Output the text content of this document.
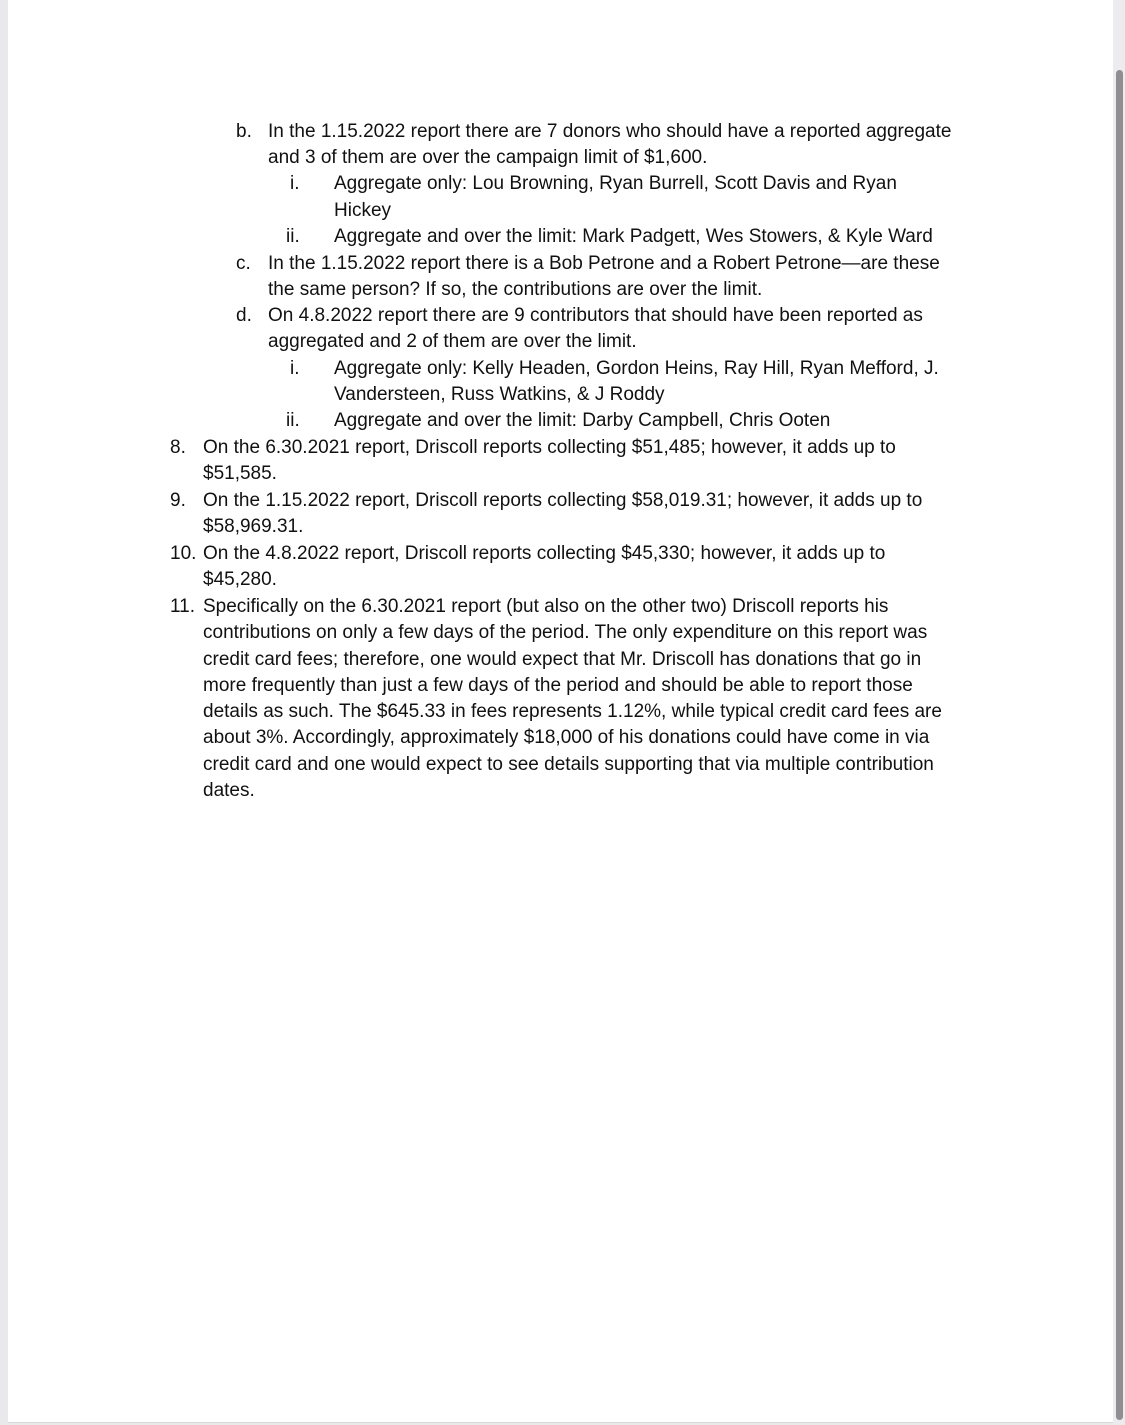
b. In the 1.15.2022 report there are 7 donors who should have a reported aggregate
and 3 of them are over the campaign limit of $1,600.
i. Aggregate only: Lou Browning, Ryan Burrell, Scott Davis and Ryan
Hickey
ii. Aggregate and over the limit: Mark Padgett, Wes Stowers, & Kyle Ward
c. In the 1.15.2022 report there is a Bob Petrone and a Robert Petrone—are these
the same person? If so, the contributions are over the limit.
d. On 4.8.2022 report there are 9 contributors that should have been reported as
aggregated and 2 of them are over the limit.
i. Aggregate only: Kelly Headen, Gordon Heins, Ray Hill, Ryan Mefford, J.
Vandersteen, Russ Watkins, & J Roddy
ii. Aggregate and over the limit: Darby Campbell, Chris Ooten
8. On the 6.30.2021 report, Driscoll reports collecting $51,485; however, it adds up to
$51,585.
9. On the 1.15.2022 report, Driscoll reports collecting $58,019.31; however, it adds up to
$58,969.31.
10. On the 4.8.2022 report, Driscoll reports collecting $45,330; however, it adds up to
$45,280.
11. Specifically on the 6.30.2021 report (but also on the other two) Driscoll reports his
contributions on only a few days of the period. The only expenditure on this report was
credit card fees; therefore, one would expect that Mr. Driscoll has donations that go in
more frequently than just a few days of the period and should be able to report those
details as such. The $645.33 in fees represents 1.12%, while typical credit card fees are
about 3%. Accordingly, approximately $18,000 of his donations could have come in via
credit card and one would expect to see details supporting that via multiple contribution
dates.
